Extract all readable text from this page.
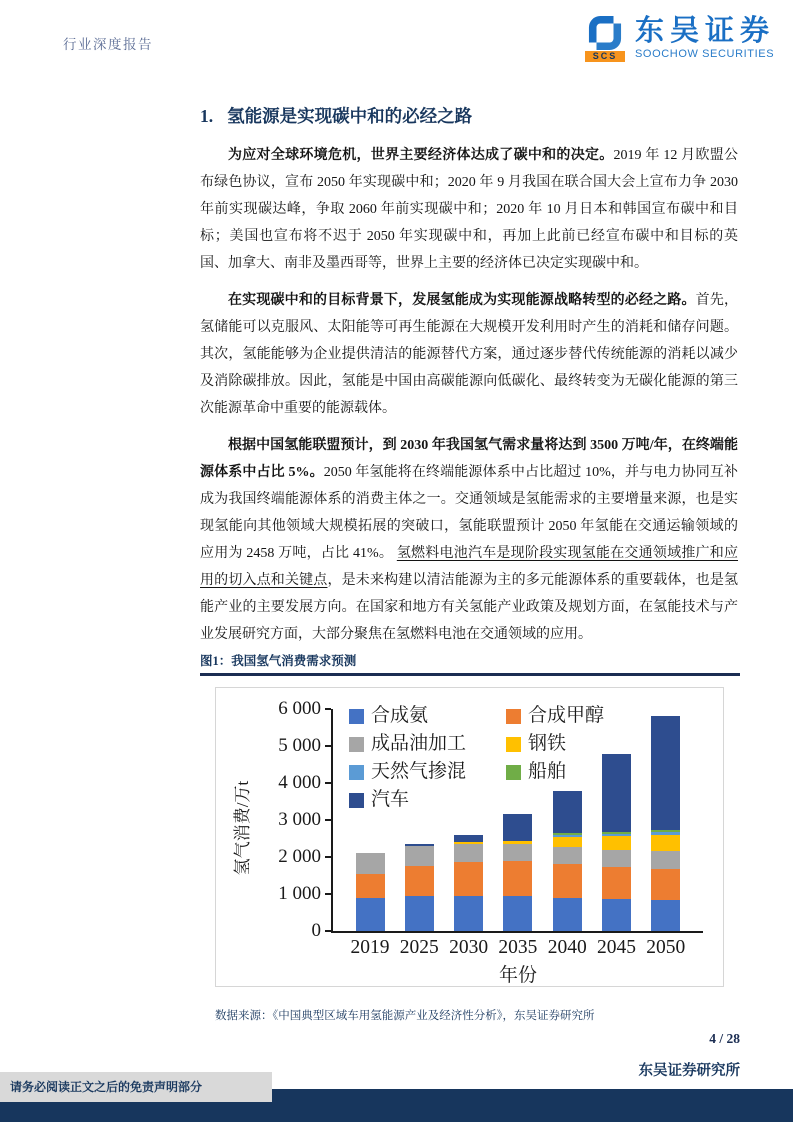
行业深度报告
SCS
东吴证券
SOOCHOW SECURITIES
1. 氢能源是实现碳中和的必经之路

为应对全球环境危机，世界主要经济体达成了碳中和的决定。2019 年 12 月欧盟公布绿色协议，宣布 2050 年实现碳中和；2020 年 9 月我国在联合国大会上宣布力争 2030 年前实现碳达峰，争取 2060 年前实现碳中和；2020 年 10 月日本和韩国宣布碳中和目标；美国也宣布将不迟于 2050 年实现碳中和，再加上此前已经宣布碳中和目标的英国、加拿大、南非及墨西哥等，世界上主要的经济体已决定实现碳中和。

在实现碳中和的目标背景下，发展氢能成为实现能源战略转型的必经之路。首先，氢储能可以克服风、太阳能等可再生能源在大规模开发利用时产生的消耗和储存问题。其次，氢能能够为企业提供清洁的能源替代方案，通过逐步替代传统能源的消耗以减少及消除碳排放。因此，氢能是中国由高碳能源向低碳化、最终转变为无碳化能源的第三次能源革命中重要的能源载体。

根据中国氢能联盟预计，到 2030 年我国氢气需求量将达到 3500 万吨/年，在终端能源体系中占比 5%。2050 年氢能将在终端能源体系中占比超过 10%，并与电力协同互补成为我国终端能源体系的消费主体之一。交通领域是氢能需求的主要增量来源，也是实现氢能向其他领域大规模拓展的突破口，氢能联盟预计 2050 年氢能在交通运输领域的应用为 2458 万吨，占比 41%。 氢燃料电池汽车是现阶段实现氢能在交通领域推广和应用的切入点和关键点，是未来构建以清洁能源为主的多元能源体系的重要载体，也是氢能产业的主要发展方向。在国家和地方有关氢能产业政策及规划方面，在氢能技术与产业发展研究方面，大部分聚焦在氢燃料电池在交通领域的应用。

图1：我国氢气消费需求预测
氢气消费/万t
年份
合成氨	合成甲醇
成品油加工	钢铁
天然气掺混	船舶
汽车
0
1 000
2 000
3 000
4 000
5 000
6 000
2019 2025 2030 2035 2040 2045 2050
数据来源：《中国典型区域车用氢能源产业及经济性分析》，东吴证券研究所
4 / 28
东吴证券研究所
请务必阅读正文之后的免责声明部分
